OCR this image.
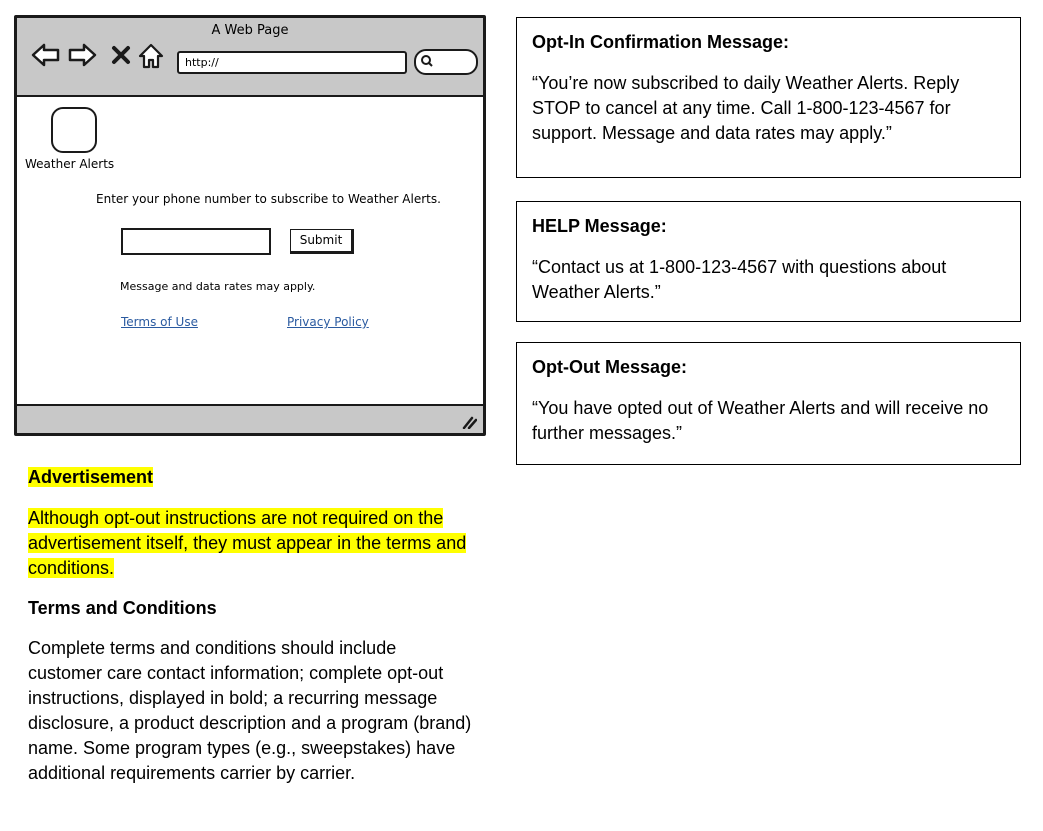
A Web Page
http://
Weather Alerts
Enter your phone number to subscribe to Weather Alerts.
Submit
Message and data rates may apply.
Terms of Use	Privacy Policy
Opt-In Confirmation Message:
“You’re now subscribed to daily Weather Alerts. Reply STOP to cancel at any time. Call 1-800-123-4567 for support. Message and data rates may apply.”
HELP Message:
“Contact us at 1-800-123-4567 with questions about Weather Alerts.”
Opt-Out Message:
“You have opted out of Weather Alerts and will receive no further messages.”
Advertisement
Although opt-out instructions are not required on the advertisement itself, they must appear in the terms and conditions.
Terms and Conditions
Complete terms and conditions should include customer care contact information; complete opt-out instructions, displayed in bold; a recurring message disclosure, a product description and a program (brand) name. Some program types (e.g., sweepstakes) have additional requirements carrier by carrier.
